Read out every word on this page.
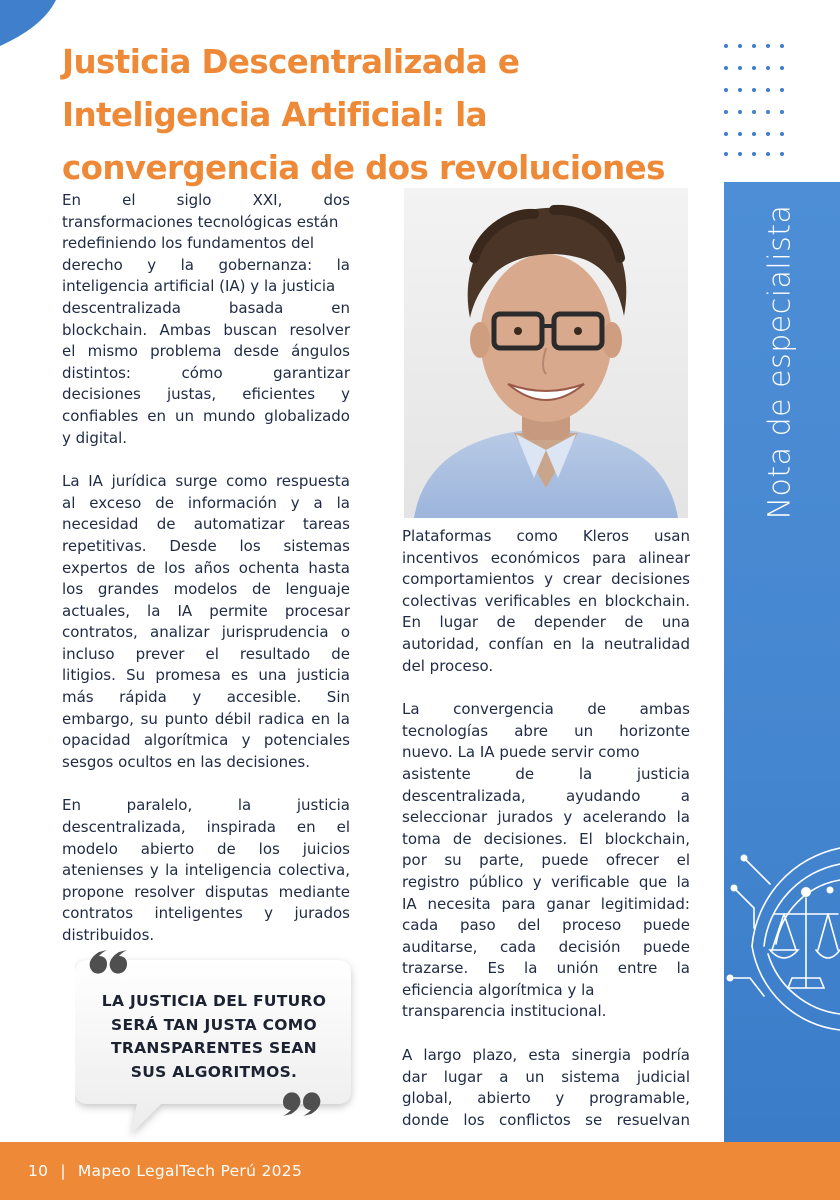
Justicia Descentralizada e
Inteligencia Artificial: la
convergencia de dos revoluciones
Nota de especialista

En el siglo XXI, dos

transformaciones tecnológicas están

redefiniendo los fundamentos del

derecho y la gobernanza: la

inteligencia artificial (IA) y la justicia

descentralizada basada en

blockchain. Ambas buscan resolver

el mismo problema desde ángulos

distintos: cómo garantizar

decisiones justas, eficientes y

confiables en un mundo globalizado

y digital.

La IA jurídica surge como respuesta

al exceso de información y a la

necesidad de automatizar tareas

repetitivas. Desde los sistemas

expertos de los años ochenta hasta

los grandes modelos de lenguaje

actuales, la IA permite procesar

contratos, analizar jurisprudencia o

incluso prever el resultado de

litigios. Su promesa es una justicia

más rápida y accesible. Sin

embargo, su punto débil radica en la

opacidad algorítmica y potenciales

sesgos ocultos en las decisiones.

En paralelo, la justicia

descentralizada, inspirada en el

modelo abierto de los juicios

atenienses y la inteligencia colectiva,

propone resolver disputas mediante

contratos inteligentes y jurados

distribuidos.

Plataformas como Kleros usan

incentivos económicos para alinear

comportamientos y crear decisiones

colectivas verificables en blockchain.

En lugar de depender de una

autoridad, confían en la neutralidad

del proceso.

La convergencia de ambas

tecnologías abre un horizonte

nuevo. La IA puede servir como

asistente de la justicia

descentralizada, ayudando a

seleccionar jurados y acelerando la

toma de decisiones. El blockchain,

por su parte, puede ofrecer el

registro público y verificable que la

IA necesita para ganar legitimidad:

cada paso del proceso puede

auditarse, cada decisión puede

trazarse. Es la unión entre la

eficiencia algorítmica y la

transparencia institucional.

A largo plazo, esta sinergia podría

dar lugar a un sistema judicial

global, abierto y programable,

donde los conflictos se resuelvan

LA JUSTICIA DEL FUTURO
SERÁ TAN JUSTA COMO
TRANSPARENTES SEAN
SUS ALGORITMOS.
10 | Mapeo LegalTech Perú 2025
